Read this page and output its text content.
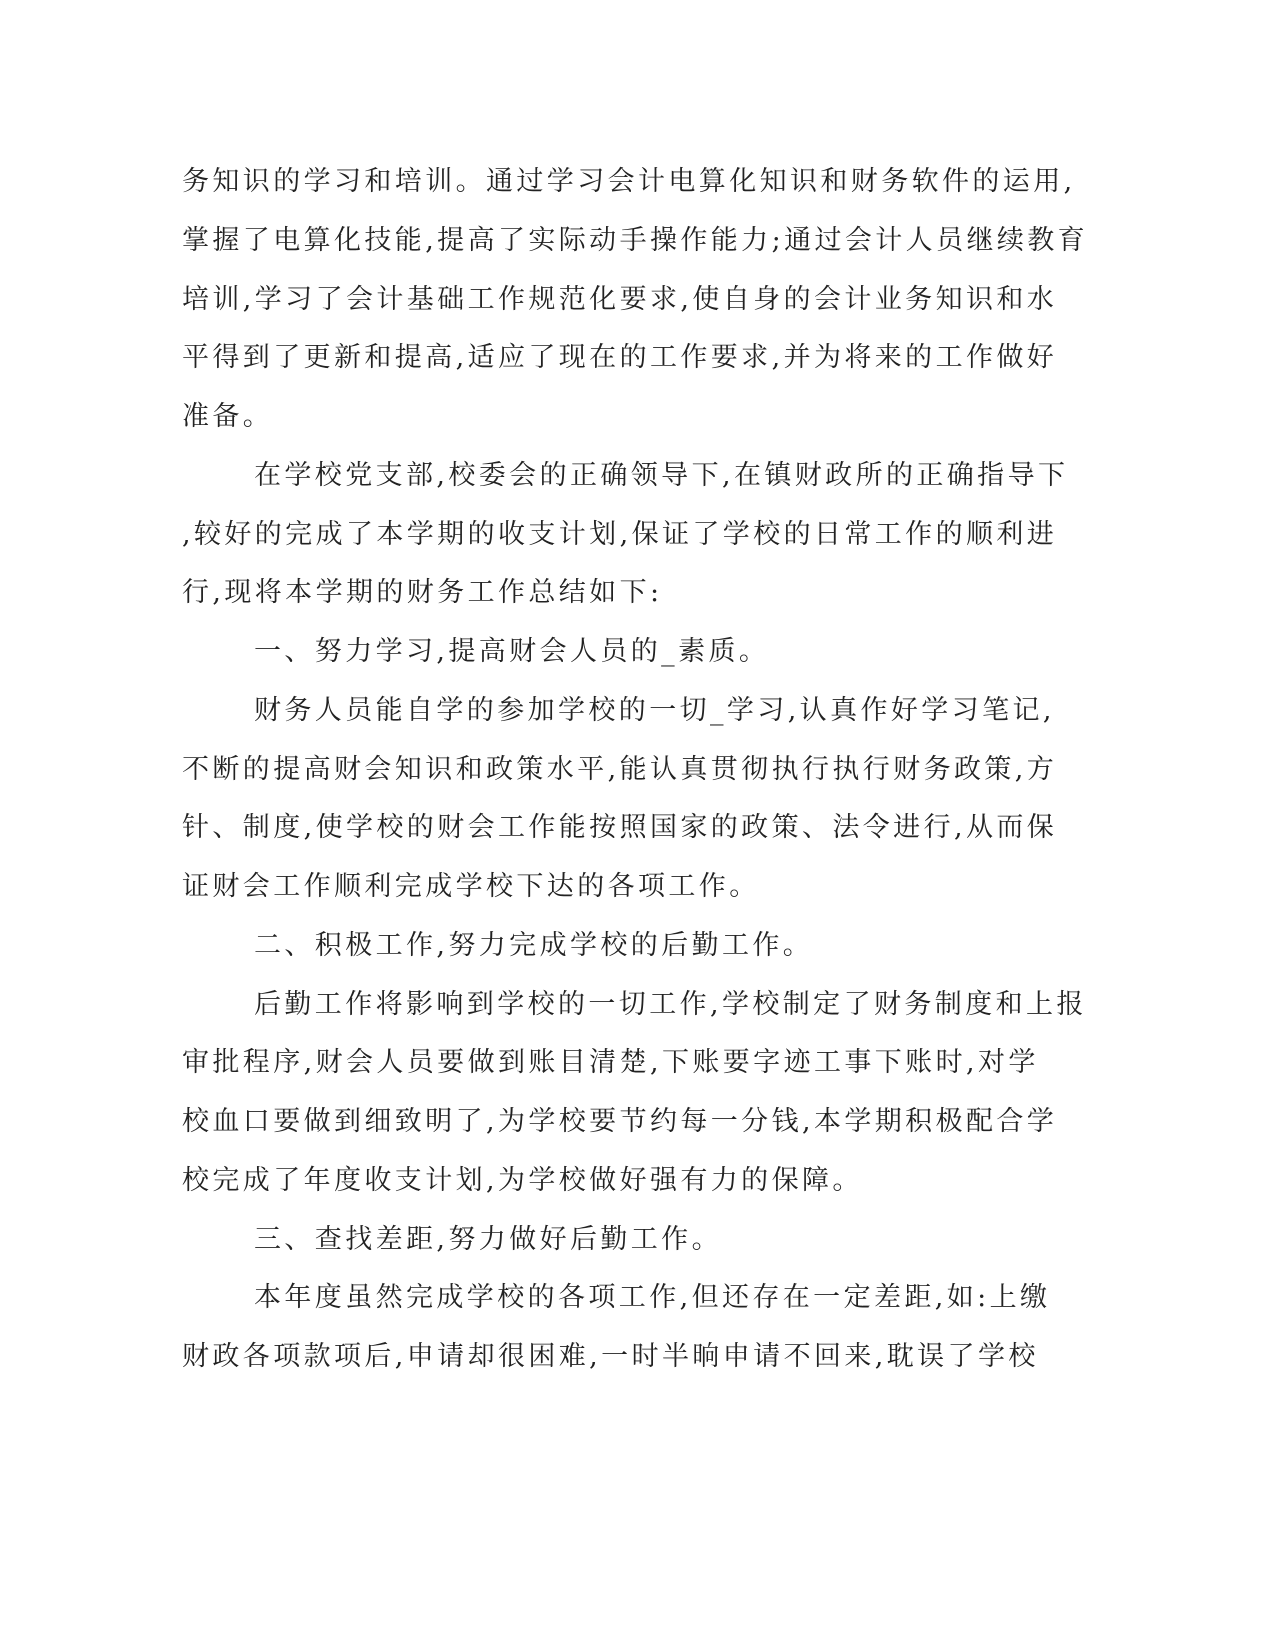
务知识的学习和培训。通过学习会计电算化知识和财务软件的运用,
掌握了电算化技能,提高了实际动手操作能力;通过会计人员继续教育
培训,学习了会计基础工作规范化要求,使自身的会计业务知识和水
平得到了更新和提高,适应了现在的工作要求,并为将来的工作做好
准备。
在学校党支部,校委会的正确领导下,在镇财政所的正确指导下
,较好的完成了本学期的收支计划,保证了学校的日常工作的顺利进
行,现将本学期的财务工作总结如下:
一、努力学习,提高财会人员的_素质。
财务人员能自学的参加学校的一切_学习,认真作好学习笔记,
不断的提高财会知识和政策水平,能认真贯彻执行执行财务政策,方
针、制度,使学校的财会工作能按照国家的政策、法令进行,从而保
证财会工作顺利完成学校下达的各项工作。
二、积极工作,努力完成学校的后勤工作。
后勤工作将影响到学校的一切工作,学校制定了财务制度和上报
审批程序,财会人员要做到账目清楚,下账要字迹工事下账时,对学
校血口要做到细致明了,为学校要节约每一分钱,本学期积极配合学
校完成了年度收支计划,为学校做好强有力的保障。
三、查找差距,努力做好后勤工作。
本年度虽然完成学校的各项工作,但还存在一定差距,如:上缴
财政各项款项后,申请却很困难,一时半晌申请不回来,耽误了学校
